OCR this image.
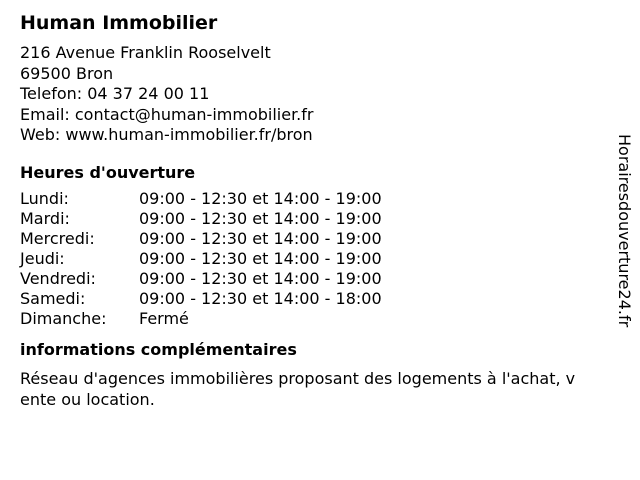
Human Immobilier
216 Avenue Franklin Rooselvelt
69500 Bron
Telefon: 04 37 24 00 11
Email: contact@human-immobilier.fr
Web: www.human-immobilier.fr/bron
Heures d'ouverture
Lundi:	09:00 - 12:30 et 14:00 - 19:00
Mardi:	09:00 - 12:30 et 14:00 - 19:00
Mercredi:	09:00 - 12:30 et 14:00 - 19:00
Jeudi:	09:00 - 12:30 et 14:00 - 19:00
Vendredi:	09:00 - 12:30 et 14:00 - 19:00
Samedi:	09:00 - 12:30 et 14:00 - 18:00
Dimanche:	Fermé
informations complémentaires
Réseau d'agences immobilières proposant des logements à l'achat, vente ou location.
Horairesdouverture24.fr
